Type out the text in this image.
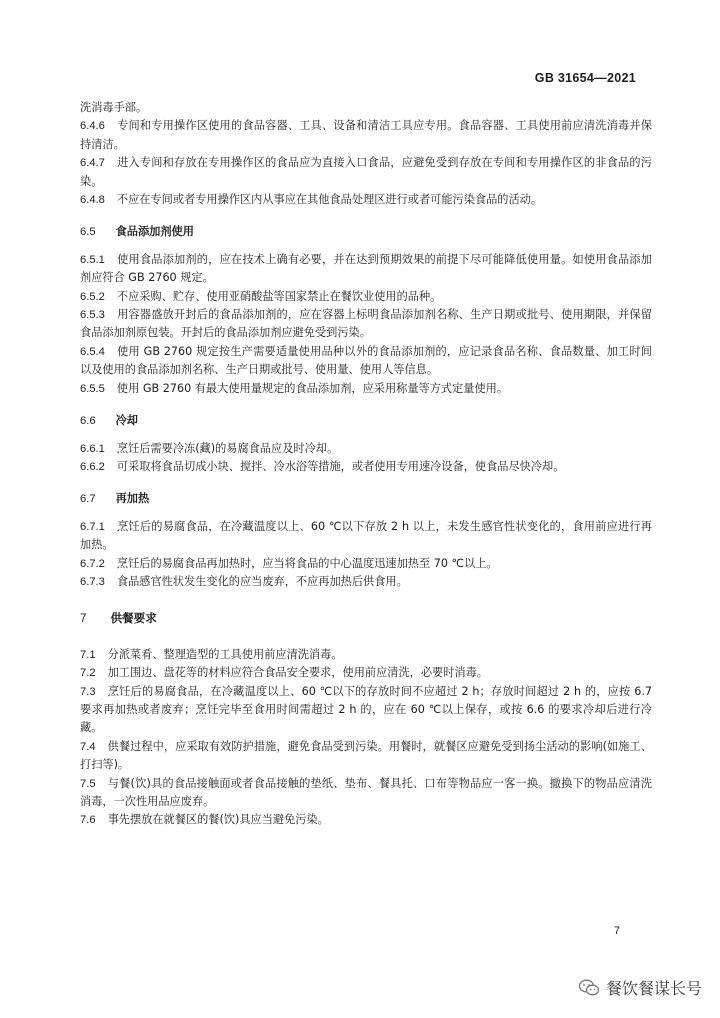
GB 31654—2021

洗消毒手部。

6.4.6 专间和专用操作区使用的食品容器、工具、设备和清洁工具应专用。食品容器、工具使用前应清洗消毒并保持清洁。

6.4.7 进入专间和存放在专用操作区的食品应为直接入口食品，应避免受到存放在专间和专用操作区的非食品的污染。

6.4.8 不应在专间或者专用操作区内从事应在其他食品处理区进行或者可能污染食品的活动。

6.5 食品添加剂使用

6.5.1 使用食品添加剂的，应在技术上确有必要，并在达到预期效果的前提下尽可能降低使用量。如使用食品添加剂应符合 GB 2760 规定。

6.5.2 不应采购、贮存、使用亚硝酸盐等国家禁止在餐饮业使用的品种。

6.5.3 用容器盛放开封后的食品添加剂的，应在容器上标明食品添加剂名称、生产日期或批号、使用期限，并保留食品添加剂原包装。开封后的食品添加剂应避免受到污染。

6.5.4 使用 GB 2760 规定按生产需要适量使用品种以外的食品添加剂的，应记录食品名称、食品数量、加工时间以及使用的食品添加剂名称、生产日期或批号、使用量、使用人等信息。

6.5.5 使用 GB 2760 有最大使用量规定的食品添加剂，应采用称量等方式定量使用。

6.6 冷却

6.6.1 烹饪后需要冷冻(藏)的易腐食品应及时冷却。

6.6.2 可采取将食品切成小块、搅拌、冷水浴等措施，或者使用专用速冷设备，使食品尽快冷却。

6.7 再加热

6.7.1 烹饪后的易腐食品，在冷藏温度以上、60 ℃以下存放 2 h 以上，未发生感官性状变化的，食用前应进行再加热。

6.7.2 烹饪后的易腐食品再加热时，应当将食品的中心温度迅速加热至 70 ℃以上。

6.7.3 食品感官性状发生变化的应当废弃，不应再加热后供食用。

7 供餐要求

7.1 分派菜肴、整理造型的工具使用前应清洗消毒。

7.2 加工围边、盘花等的材料应符合食品安全要求，使用前应清洗，必要时消毒。

7.3 烹饪后的易腐食品，在冷藏温度以上、60 ℃以下的存放时间不应超过 2 h；存放时间超过 2 h 的，应按 6.7 要求再加热或者废弃；烹饪完毕至食用时间需超过 2 h 的，应在 60 ℃以上保存，或按 6.6 的要求冷却后进行冷藏。

7.4 供餐过程中，应采取有效防护措施，避免食品受到污染。用餐时，就餐区应避免受到扬尘活动的影响(如施工、打扫等)。

7.5 与餐(饮)具的食品接触面或者食品接触的垫纸、垫布、餐具托、口布等物品应一客一换。撤换下的物品应清洗消毒，一次性用品应废弃。

7.6 事先摆放在就餐区的餐(饮)具应当避免污染。

7
餐饮餐谋长号
